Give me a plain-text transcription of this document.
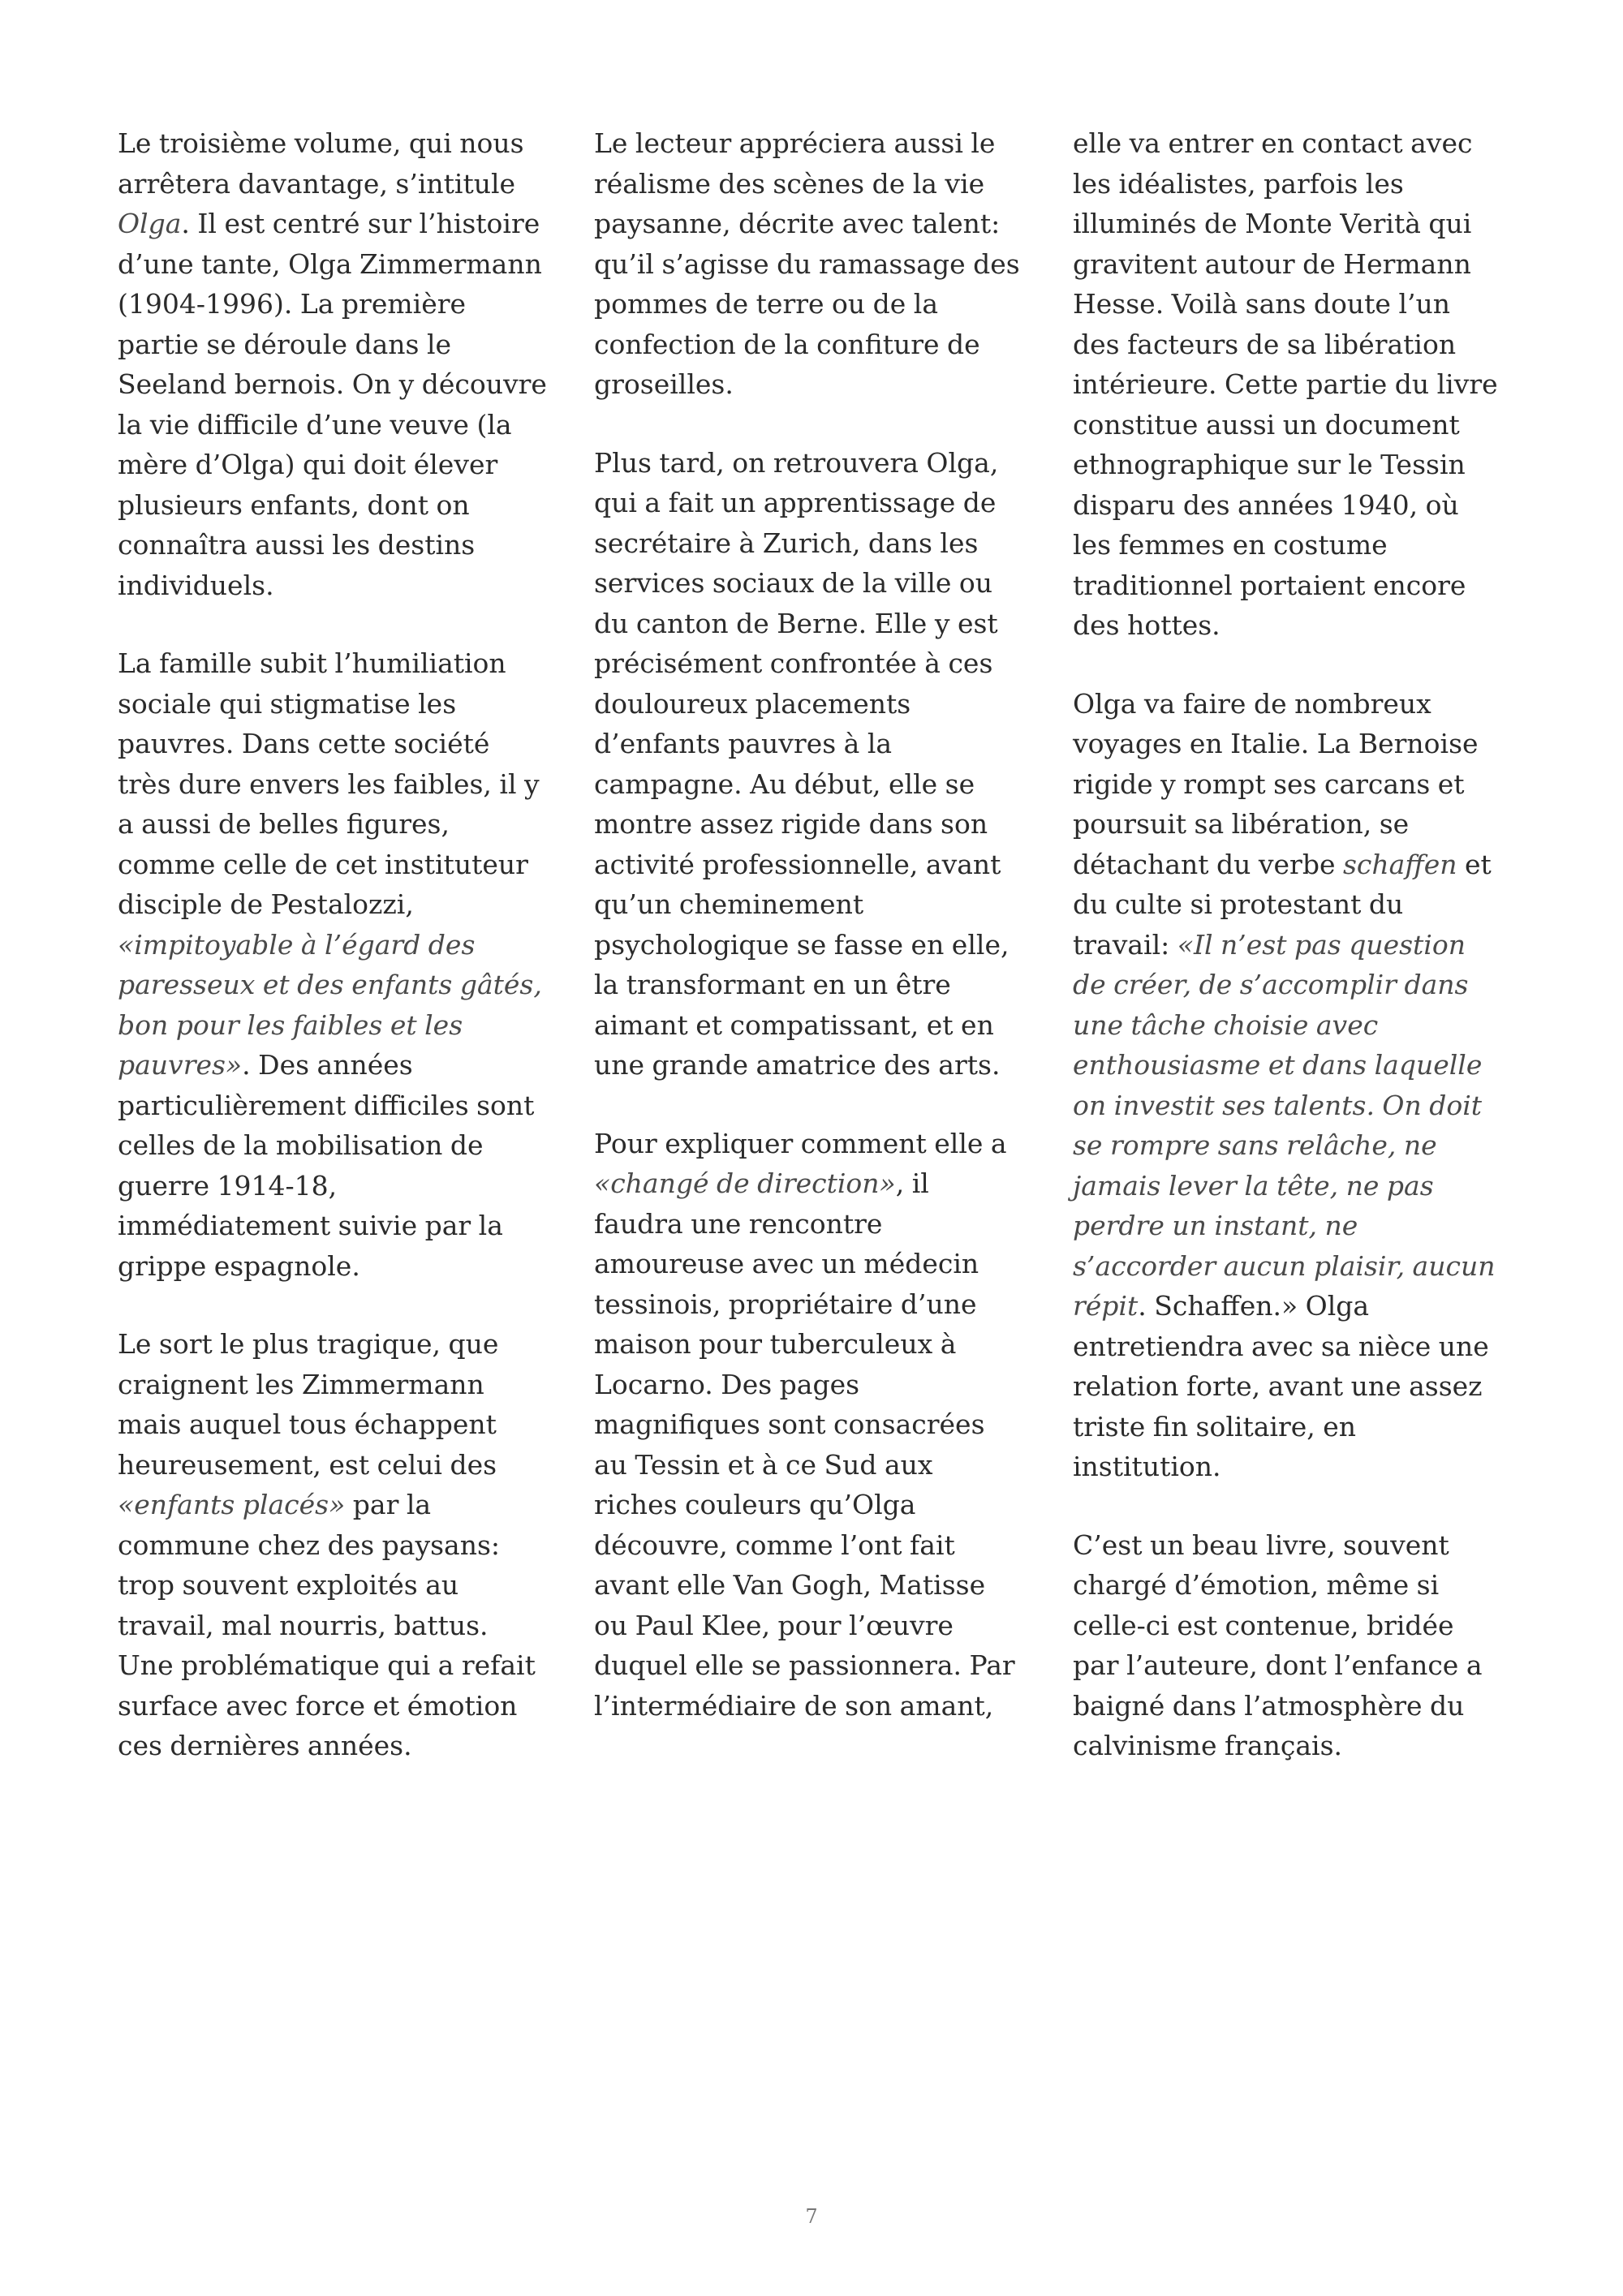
Le troisième volume, qui nous
arrêtera davantage, s’intitule
Olga. Il est centré sur l’histoire
d’une tante, Olga Zimmermann
(1904-1996). La première
partie se déroule dans le
Seeland bernois. On y découvre
la vie difficile d’une veuve (la
mère d’Olga) qui doit élever
plusieurs enfants, dont on
connaîtra aussi les destins
individuels.

La famille subit l’humiliation
sociale qui stigmatise les
pauvres. Dans cette société
très dure envers les faibles, il y
a aussi de belles figures,
comme celle de cet instituteur
disciple de Pestalozzi,
«impitoyable à l’égard des
paresseux et des enfants gâtés,
bon pour les faibles et les
pauvres». Des années
particulièrement difficiles sont
celles de la mobilisation de
guerre 1914-18,
immédiatement suivie par la
grippe espagnole.

Le sort le plus tragique, que
craignent les Zimmermann
mais auquel tous échappent
heureusement, est celui des
«enfants placés» par la
commune chez des paysans:
trop souvent exploités au
travail, mal nourris, battus.
Une problématique qui a refait
surface avec force et émotion
ces dernières années.

Le lecteur appréciera aussi le
réalisme des scènes de la vie
paysanne, décrite avec talent:
qu’il s’agisse du ramassage des
pommes de terre ou de la
confection de la confiture de
groseilles.

Plus tard, on retrouvera Olga,
qui a fait un apprentissage de
secrétaire à Zurich, dans les
services sociaux de la ville ou
du canton de Berne. Elle y est
précisément confrontée à ces
douloureux placements
d’enfants pauvres à la
campagne. Au début, elle se
montre assez rigide dans son
activité professionnelle, avant
qu’un cheminement
psychologique se fasse en elle,
la transformant en un être
aimant et compatissant, et en
une grande amatrice des arts.

Pour expliquer comment elle a
«changé de direction», il
faudra une rencontre
amoureuse avec un médecin
tessinois, propriétaire d’une
maison pour tuberculeux à
Locarno. Des pages
magnifiques sont consacrées
au Tessin et à ce Sud aux
riches couleurs qu’Olga
découvre, comme l’ont fait
avant elle Van Gogh, Matisse
ou Paul Klee, pour l’œuvre
duquel elle se passionnera. Par
l’intermédiaire de son amant,

elle va entrer en contact avec
les idéalistes, parfois les
illuminés de Monte Verità qui
gravitent autour de Hermann
Hesse. Voilà sans doute l’un
des facteurs de sa libération
intérieure. Cette partie du livre
constitue aussi un document
ethnographique sur le Tessin
disparu des années 1940, où
les femmes en costume
traditionnel portaient encore
des hottes.

Olga va faire de nombreux
voyages en Italie. La Bernoise
rigide y rompt ses carcans et
poursuit sa libération, se
détachant du verbe schaffen et
du culte si protestant du
travail: «Il n’est pas question
de créer, de s’accomplir dans
une tâche choisie avec
enthousiasme et dans laquelle
on investit ses talents. On doit
se rompre sans relâche, ne
jamais lever la tête, ne pas
perdre un instant, ne
s’accorder aucun plaisir, aucun
répit. Schaffen.» Olga
entretiendra avec sa nièce une
relation forte, avant une assez
triste fin solitaire, en
institution.

C’est un beau livre, souvent
chargé d’émotion, même si
celle-ci est contenue, bridée
par l’auteure, dont l’enfance a
baigné dans l’atmosphère du
calvinisme français.

7
